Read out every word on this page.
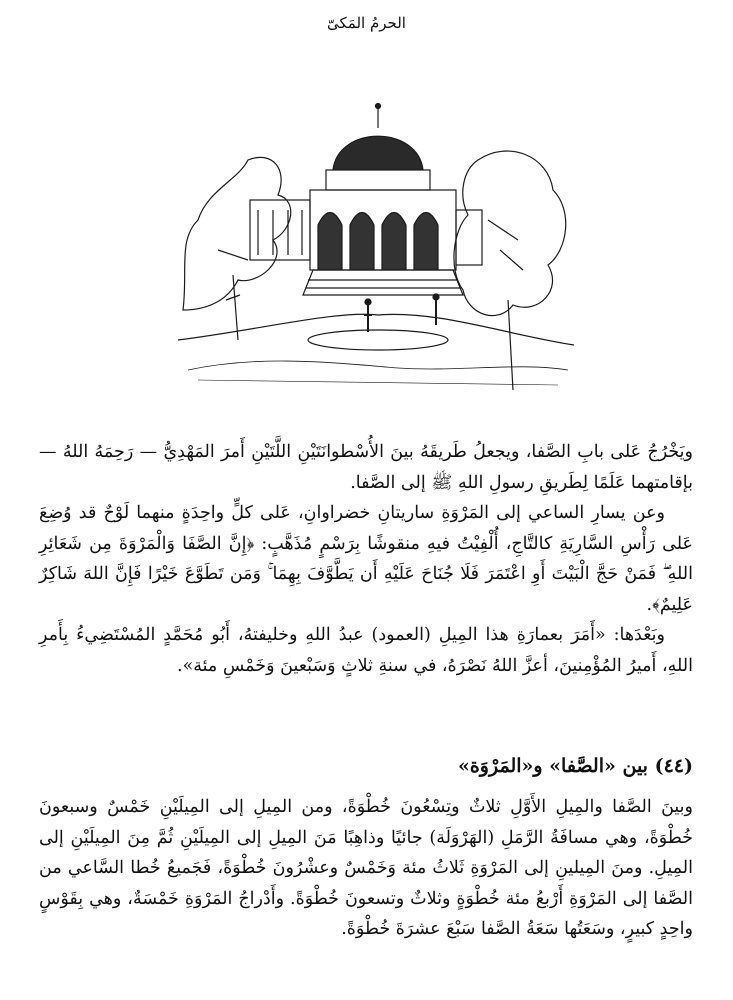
الحرمُ المَكىّ

ويَخْرُجُ عَلى بابِ الصَّفا، ويجعلُ طَريقَهُ بينَ الأُسْطوانَتَيْنِ اللَّتَيْنِ أَمرَ المَهْدِيُّ — رَحِمَهُ اللهُ — بإقامتهما عَلَمًا لِطَريقِ رسولِ اللهِ ﷺ إلى الصَّفا.

وعن يسارِ الساعي إلى المَرْوَةِ ساريتانِ خضراوانِ، عَلى كلٍّ واحِدَةٍ منهما لَوْحٌ قد وُضِعَ عَلى رَأْسِ السَّارِيَةِ كالتَّاجِ، أُلْفِيْتُ فيهِ منقوشًا بِرَسْمٍ مُذَهَّبٍ: ﴿إِنَّ الصَّفَا وَالْمَرْوَةَ مِن شَعَائِرِ اللهِ ۖ فَمَنْ حَجَّ الْبَيْتَ أَوِ اعْتَمَرَ فَلَا جُنَاحَ عَلَيْهِ أَن يَطَّوَّفَ بِهِمَا ۚ وَمَن تَطَوَّعَ خَيْرًا فَإِنَّ اللهَ شَاكِرٌ عَلِيمٌ﴾.

وبَعْدَها: «أَمَرَ بعمارَةِ هذا المِيلِ (العمود) عبدُ اللهِ وخليفتهُ، أَبُو مُحَمَّدٍ المُسْتَضِيءُ بِأَمرِ اللهِ، أَميرُ المُؤْمِنينَ، أعزَّ اللهُ نَصْرَهُ، في سنةِ ثلاثٍ وَسَبْعينَ وَخَمْسِ مئة».

(٤٤) بين «الصَّفا» و«المَرْوَة»

وبينَ الصَّفا والمِيلِ الأَوَّلِ ثلاثٌ وتِسْعُونَ خُطْوَةً، ومن المِيلِ إلى المِيلَيْنِ خَمْسٌ وسبعونَ خُطْوَةً، وهي مسافَةُ الرَّمَلِ (الهَرْوَلَة) جائيًا وذاهِبًا مَنَ المِيلِ إلى المِيلَيْنِ ثُمَّ مِنَ المِيلَيْنِ إلى المِيلِ. ومنَ المِيلينِ إلى المَرْوَةِ ثَلاثُ مئة وَخَمْسٌ وعشْرُونَ خُطْوَةً، فَجَميعُ خُطا السَّاعي من الصَّفا إلى المَرْوَةِ أَرْبعُ مئة خُطْوَةٍ وثلاثٌ وتسعونَ خُطْوَةً. وأَدْراجُ المَرْوَةِ خَمْسَةٌ، وهي بِقَوْسٍ واحِدٍ كبيرٍ، وسَعَتُها سَعَةُ الصَّفا سَبْعَ عشرَةَ خُطْوَةً.
